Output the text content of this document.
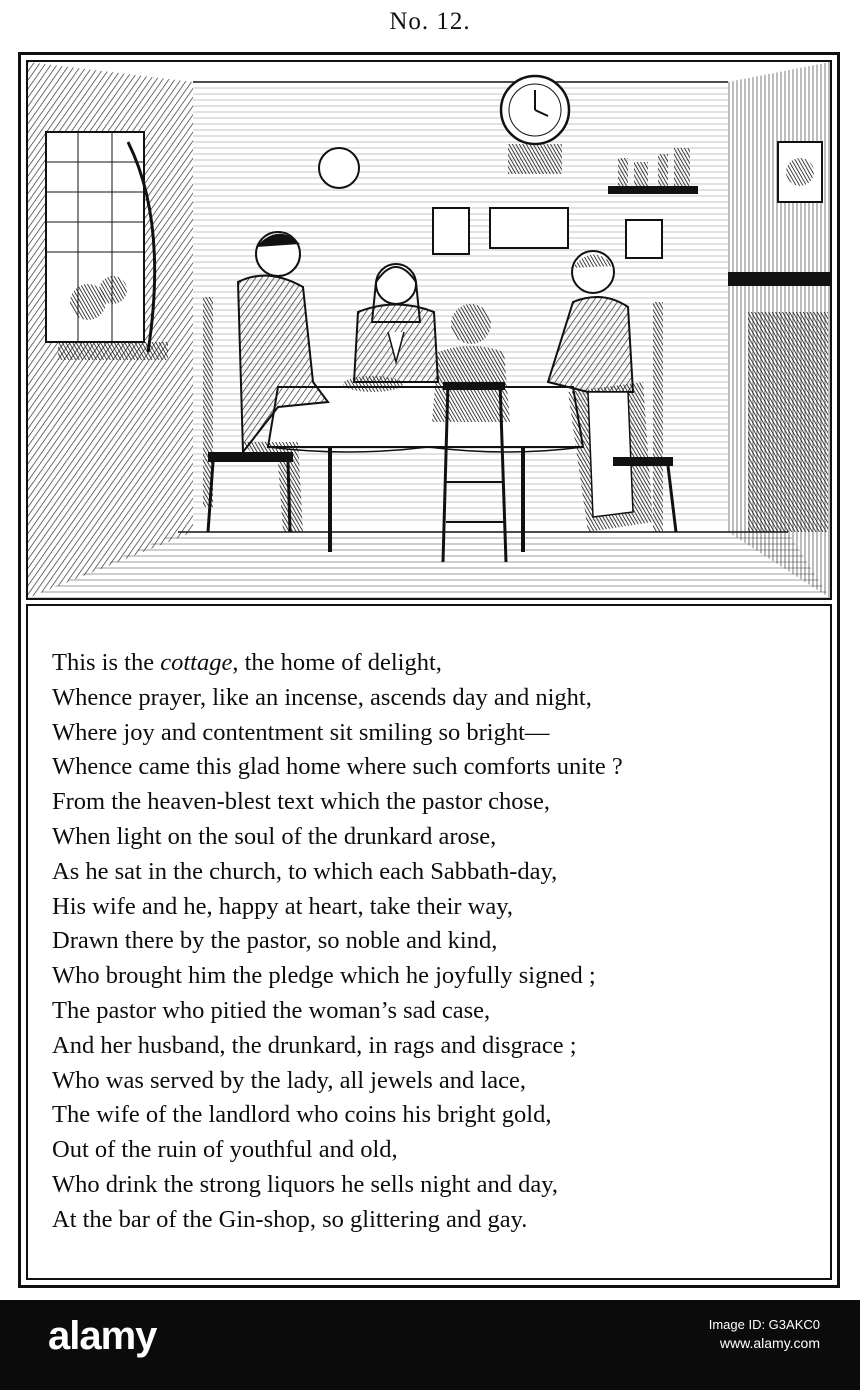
No. 12.
This is the cottage, the home of delight,
Whence prayer, like an incense, ascends day and night,
Where joy and contentment sit smiling so bright—
Whence came this glad home where such comforts unite ?
From the heaven-blest text which the pastor chose,
When light on the soul of the drunkard arose,
As he sat in the church, to which each Sabbath-day,
His wife and he, happy at heart, take their way,
Drawn there by the pastor, so noble and kind,
Who brought him the pledge which he joyfully signed ;
The pastor who pitied the woman’s sad case,
And her husband, the drunkard, in rags and disgrace ;
Who was served by the lady, all jewels and lace,
The wife of the landlord who coins his bright gold,
Out of the ruin of youthful and old,
Who drink the strong liquors he sells night and day,
At the bar of the Gin-shop, so glittering and gay.
alamy	Image ID: G3AKC0
www.alamy.com
